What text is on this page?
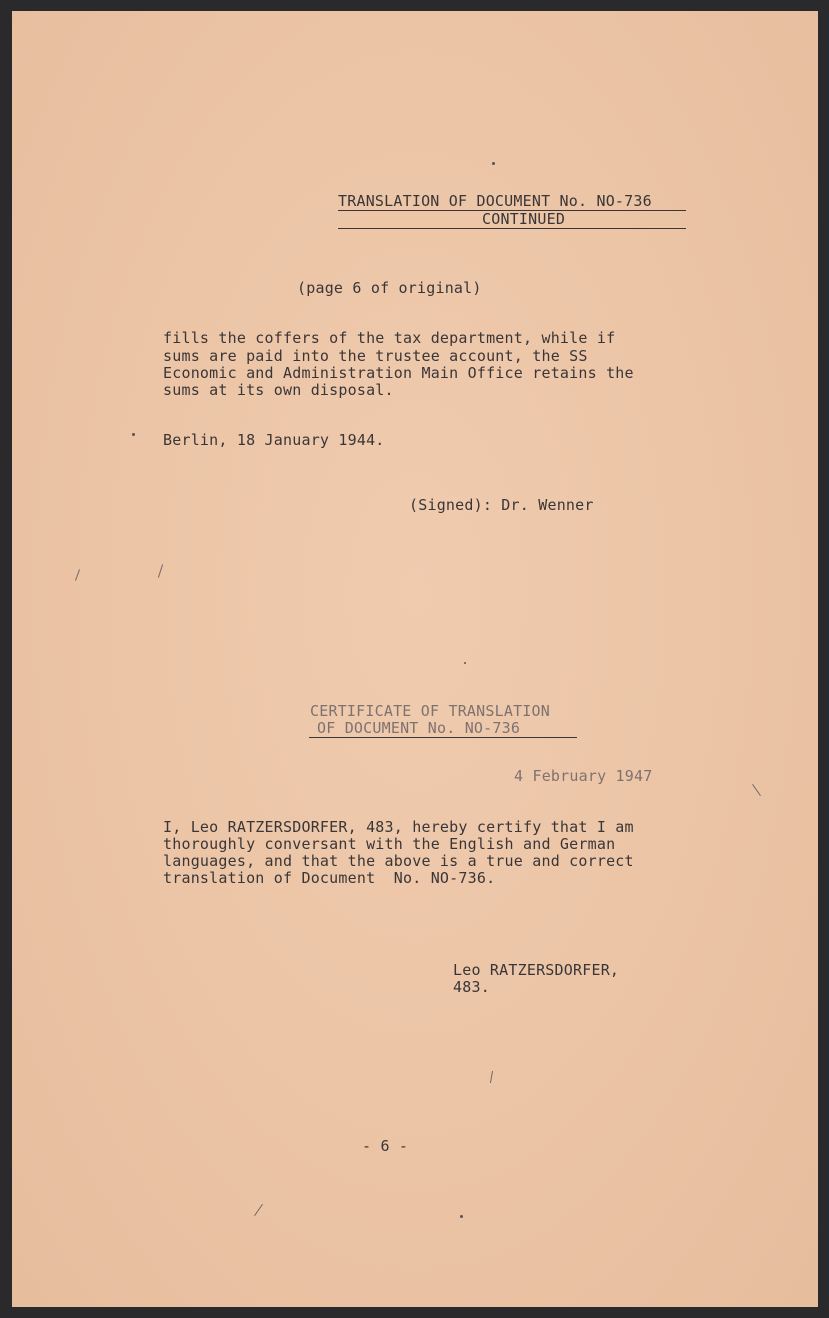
TRANSLATION OF DOCUMENT No. NO-736
CONTINUED
(page 6 of original)
fills the coffers of the tax department, while if
sums are paid into the trustee account, the SS
Economic and Administration Main Office retains the
sums at its own disposal.
Berlin, 18 January 1944.
(Signed): Dr. Wenner
CERTIFICATE OF TRANSLATION
OF DOCUMENT No. NO-736
4 February 1947
I, Leo RATZERSDORFER, 483, hereby certify that I am
thoroughly conversant with the English and German
languages, and that the above is a true and correct
translation of Document  No. NO-736.
Leo RATZERSDORFER,
483.
- 6 -
